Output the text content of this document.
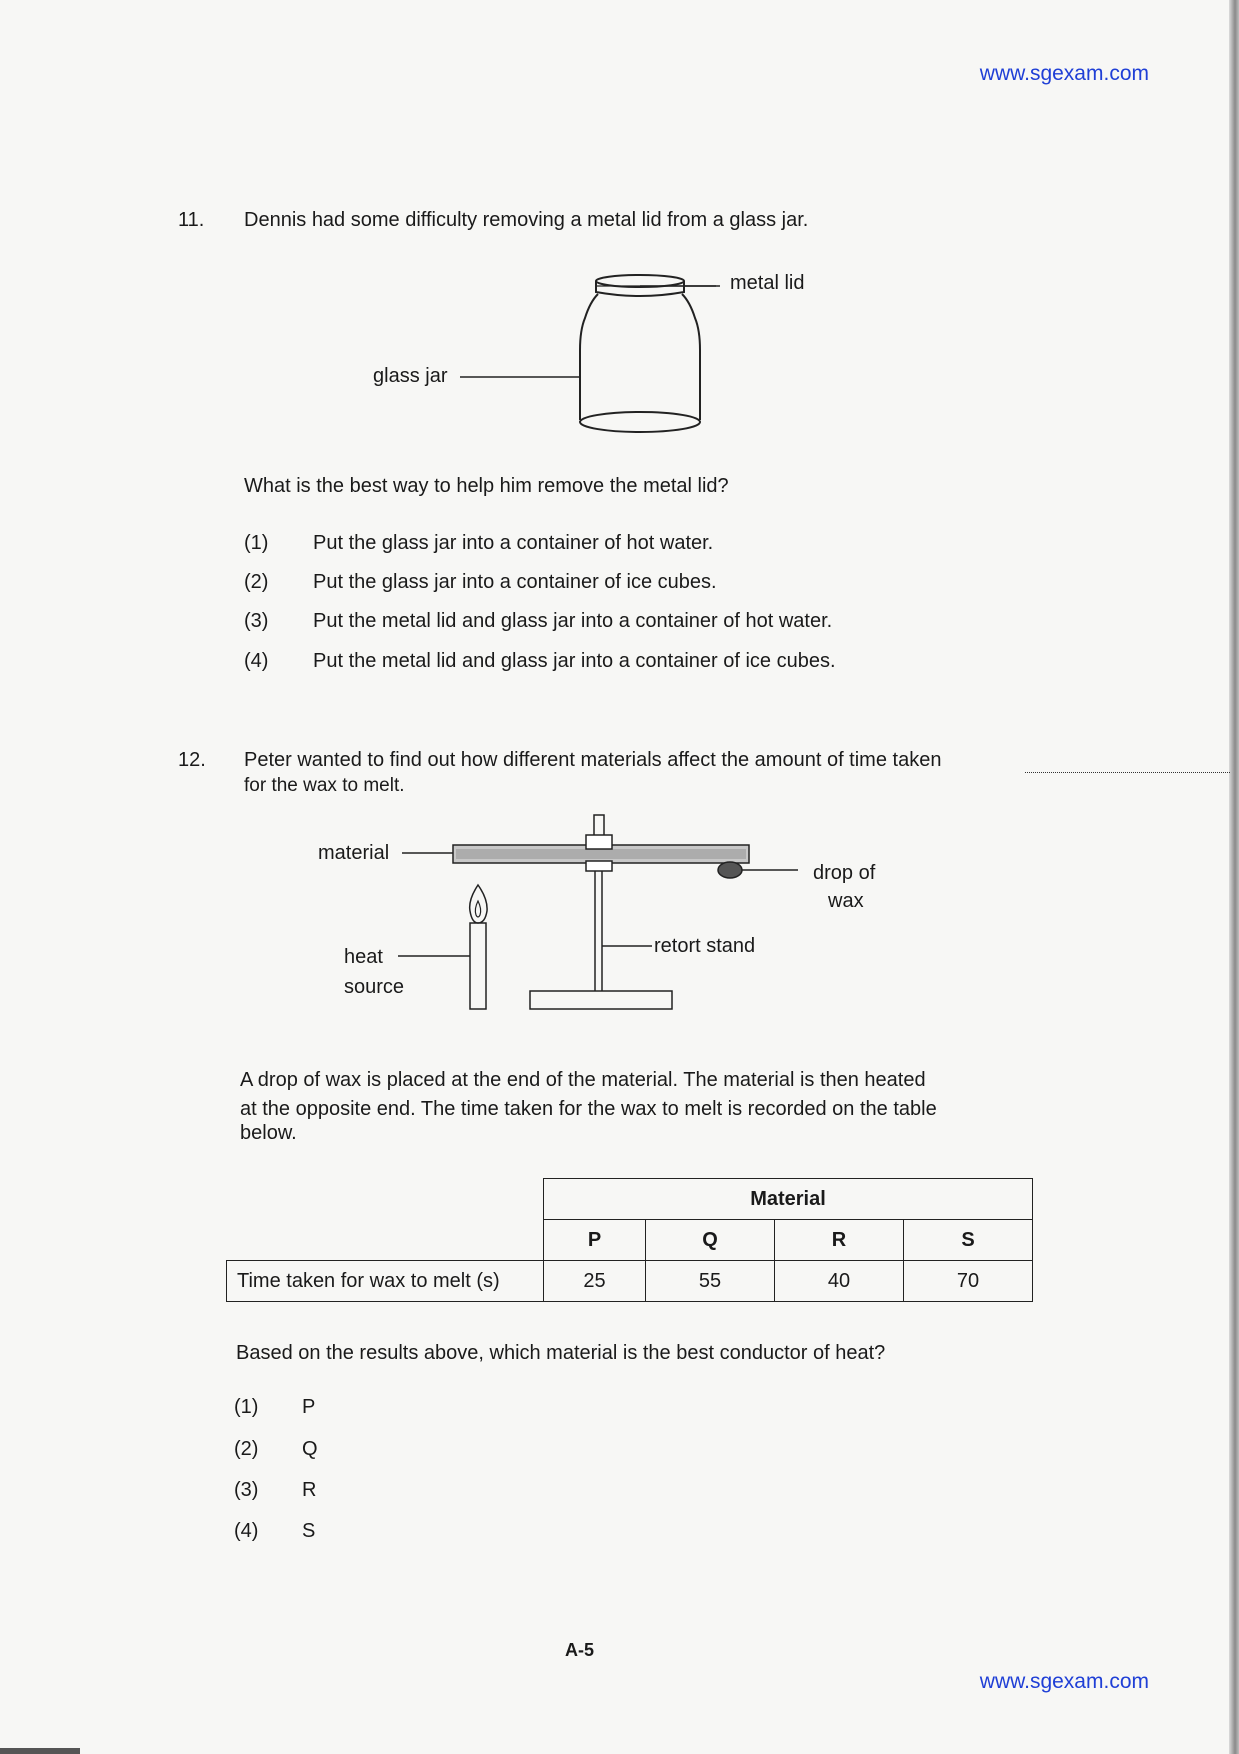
www.sgexam.com
11. Dennis had some difficulty removing a metal lid from a glass jar.
metal lid
glass jar
What is the best way to help him remove the metal lid?
(1)	Put the glass jar into a container of hot water.
(2)	Put the glass jar into a container of ice cubes.
(3)	Put the metal lid and glass jar into a container of hot water.
(4)	Put the metal lid and glass jar into a container of ice cubes.
12. Peter wanted to find out how different materials affect the amount of time taken
for the wax to melt.
material
drop of
wax
heat
source
retort stand
A drop of wax is placed at the end of the material. The material is then heated
at the opposite end. The time taken for the wax to melt is recorded on the table
below.
	Material			
	P	Q	R	S
Time taken for wax to melt (s)	25	55	40	70
Based on the results above, which material is the best conductor of heat?
(1)	P
(2)	Q
(3)	R
(4)	S
A-5
www.sgexam.com
